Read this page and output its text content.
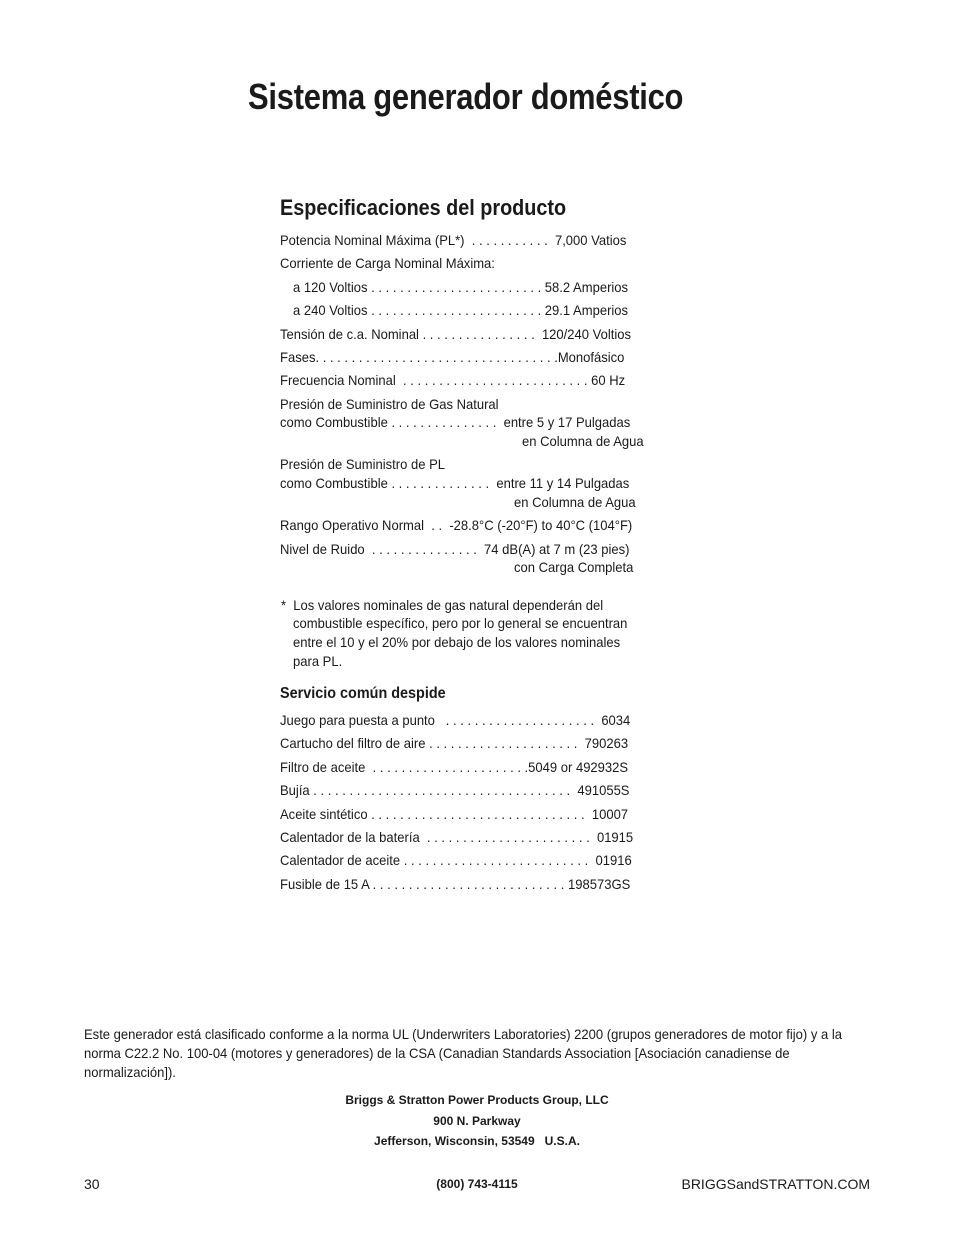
Sistema generador doméstico
Especificaciones del producto
Potencia Nominal Máxima (PL*)  . . . . . . . . . . .  7,000 Vatios
Corriente de Carga Nominal Máxima:
a 120 Voltios . . . . . . . . . . . . . . . . . . . . . . . . 58.2 Amperios
a 240 Voltios . . . . . . . . . . . . . . . . . . . . . . . . 29.1 Amperios
Tensión de c.a. Nominal . . . . . . . . . . . . . . . .  120/240 Voltios
Fases. . . . . . . . . . . . . . . . . . . . . . . . . . . . . . . . . .Monofásico
Frecuencia Nominal  . . . . . . . . . . . . . . . . . . . . . . . . . . 60 Hz
Presión de Suministro de Gas Natural
como Combustible . . . . . . . . . . . . . . .  entre 5 y 17 Pulgadas
en Columna de Agua
Presión de Suministro de PL
como Combustible . . . . . . . . . . . . . .  entre 11 y 14 Pulgadas
en Columna de Agua
Rango Operativo Normal  . .  -28.8°C (-20°F) to 40°C (104°F)
Nivel de Ruido  . . . . . . . . . . . . . . .  74 dB(A) at 7 m (23 pies)
con Carga Completa
*  Los valores nominales de gas natural dependerán del
combustible específico, pero por lo general se encuentran
entre el 10 y el 20% por debajo de los valores nominales
para PL.
Servicio común despide
Juego para puesta a punto   . . . . . . . . . . . . . . . . . . . . .  6034
Cartucho del filtro de aire . . . . . . . . . . . . . . . . . . . . .  790263
Filtro de aceite  . . . . . . . . . . . . . . . . . . . . . .5049 or 492932S
Bujía . . . . . . . . . . . . . . . . . . . . . . . . . . . . . . . . . . . .  491055S
Aceite sintético . . . . . . . . . . . . . . . . . . . . . . . . . . . . . .  10007
Calentador de la batería  . . . . . . . . . . . . . . . . . . . . . . .  01915
Calentador de aceite . . . . . . . . . . . . . . . . . . . . . . . . . .  01916
Fusible de 15 A . . . . . . . . . . . . . . . . . . . . . . . . . . . 198573GS
Este generador está clasificado conforme a la norma UL (Underwriters Laboratories) 2200 (grupos generadores de motor fijo) y a la norma C22.2 No. 100-04 (motores y generadores) de la CSA (Canadian Standards Association [Asociación canadiense de normalización]).
Briggs & Stratton Power Products Group, LLC
900 N. Parkway
Jefferson, Wisconsin, 53549   U.S.A.
30	(800) 743-4115	BRIGGSandSTRATTON.COM
